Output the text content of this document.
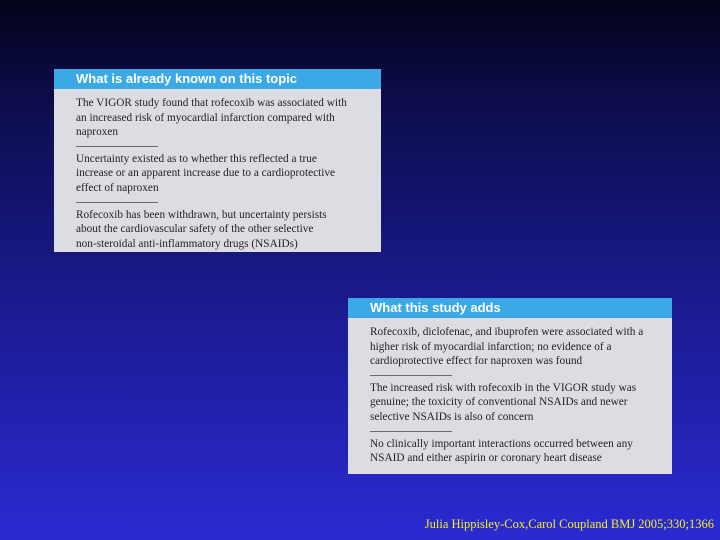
What is already known on this topic

The VIGOR study found that rofecoxib was associated with
an increased risk of myocardial infarction compared with
naproxen

Uncertainty existed as to whether this reflected a true
increase or an apparent increase due to a cardioprotective
effect of naproxen

Rofecoxib has been withdrawn, but uncertainty persists
about the cardiovascular safety of the other selective
non-steroidal anti-inflammatory drugs (NSAIDs)

What this study adds

Rofecoxib, diclofenac, and ibuprofen were associated with a
higher risk of myocardial infarction; no evidence of a
cardioprotective effect for naproxen was found

The increased risk with rofecoxib in the VIGOR study was
genuine; the toxicity of conventional NSAIDs and newer
selective NSAIDs is also of concern

No clinically important interactions occurred between any
NSAID and either aspirin or coronary heart disease

Julia Hippisley-Cox,Carol Coupland BMJ 2005;330;1366
